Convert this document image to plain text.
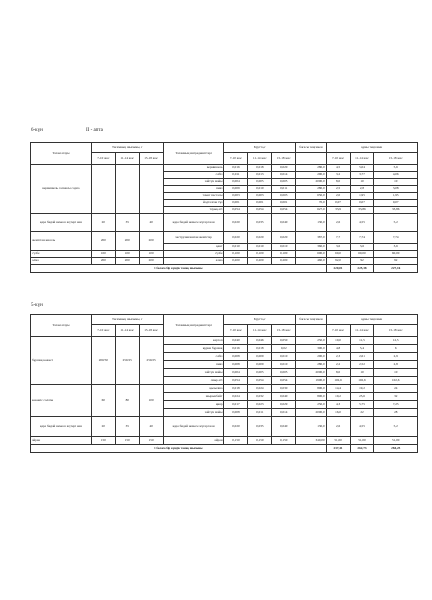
6-күн	II - апта
Тағам атауы	Тағамның шығымы, г			Тағамның ингредиенттері	Брутто,г			бағасы теңгемен	құны теңгемен		
	7-10 жас	11-14 жас	15-18 жас		7-10 жас	11-14 жас	15-18 жас		7-10 жас	11-14 жас	15-18 жас
вермишель салмасы сорпа				вермишель	0,016	0,018	0,020	280,0	4,5	5,04	5,6
				сәбіз	0,011	0,013	0,014	290,0	3,2	3,77	4,06
				зәйтүн майы	0,004	0,005	0,005	2000,0	8,0	10	10
				пияз	0,009	0,010	0,011	280,0	2,5	2,8	3,08
				томат пастасы	0,003	0,003	0,003	650,0	2,0	1,95	1,95
				йодталған тұз	0,001	0,001	0,001	70,0	0,07	0,07	0,07
				тауық еті	0,054	0,054	0,054	627,0	33,9	33,86	33,86
қара бидай немесе жүгері нан	20	35	40	қара бидай немесе жүгері нан	0,020	0,035	0,040	130,0	2,6	4,55	5,2
жемістен кисель	200	200	200	экструзияланған жемістер	0,020	0,020	0,020	387,0	7,7	7,74	7,74
				қант	0,010	0,010	0,010	360,0	3,6	3,6	3,6
сүзбе	100	100	100	сүзбе	0,100	0,100	0,100	600,0	60,0	60,00	60,00
алма	200	200	200	алма	0,200	0,200	0,200	460,0	92,0	92	92
1 балаға бір күндік тамақ шығыны									220,01	225,38	227,16
5-күн
Тағам атауы	Тағамның шығымы, г			Тағамның ингредиенттері	Брутто,г			бағасы теңгемен	құны теңгемен		
	7-10 жас	11-14 жас	15-18 жас		7-10 жас	11-14 жас	15-18 жас		7-10 жас	11-14 жас	15-18 жас
бұршақ көжесі	200/50	250/25	250/25	картоп	0,040	0,046	0,050	250,0	10,0	11,5	12,5
				құрма бұршақ	0,016	0,018	0,02	300,0	4,8	5,4	6
				сәбіз	0,008	0,009	0,010	290,0	2,3	2,61	2,9
				пияз	0,008	0,009	0,010	280,0	2,2	2,52	2,8
				зәйтүн майы	0,004	0,005	0,005	2000,0	8,0	10	10
				сиыр еті	0,054	0,054	0,054	1900,0	102,6	102,6	102,6
көкөніс салаты	60	80	100	қызылша	0,018	0,024	0,030	800,0	14,4	19,2	24
				шырынбайт	0,024	0,032	0,040	800,0	19,2	25,6	32
				қияр	0,017	0,023	0,029	250,0	4,3	5,75	7,25
				зәйтүн майы	0,008	0,011	0,014	2000,0	16,0	22	28
қара бидай немесе жүгері нан	20	35	40	қара бидай немесе жүгері нан	0,020	0,035	0,040	130,0	2,6	4,55	5,2
айран	150	150	150	айран	0,150	0,150	0,150	340,00	51,00	51,00	51,00
1 балаға бір күндік тамақ шығыны									237,41	262,73	284,25
